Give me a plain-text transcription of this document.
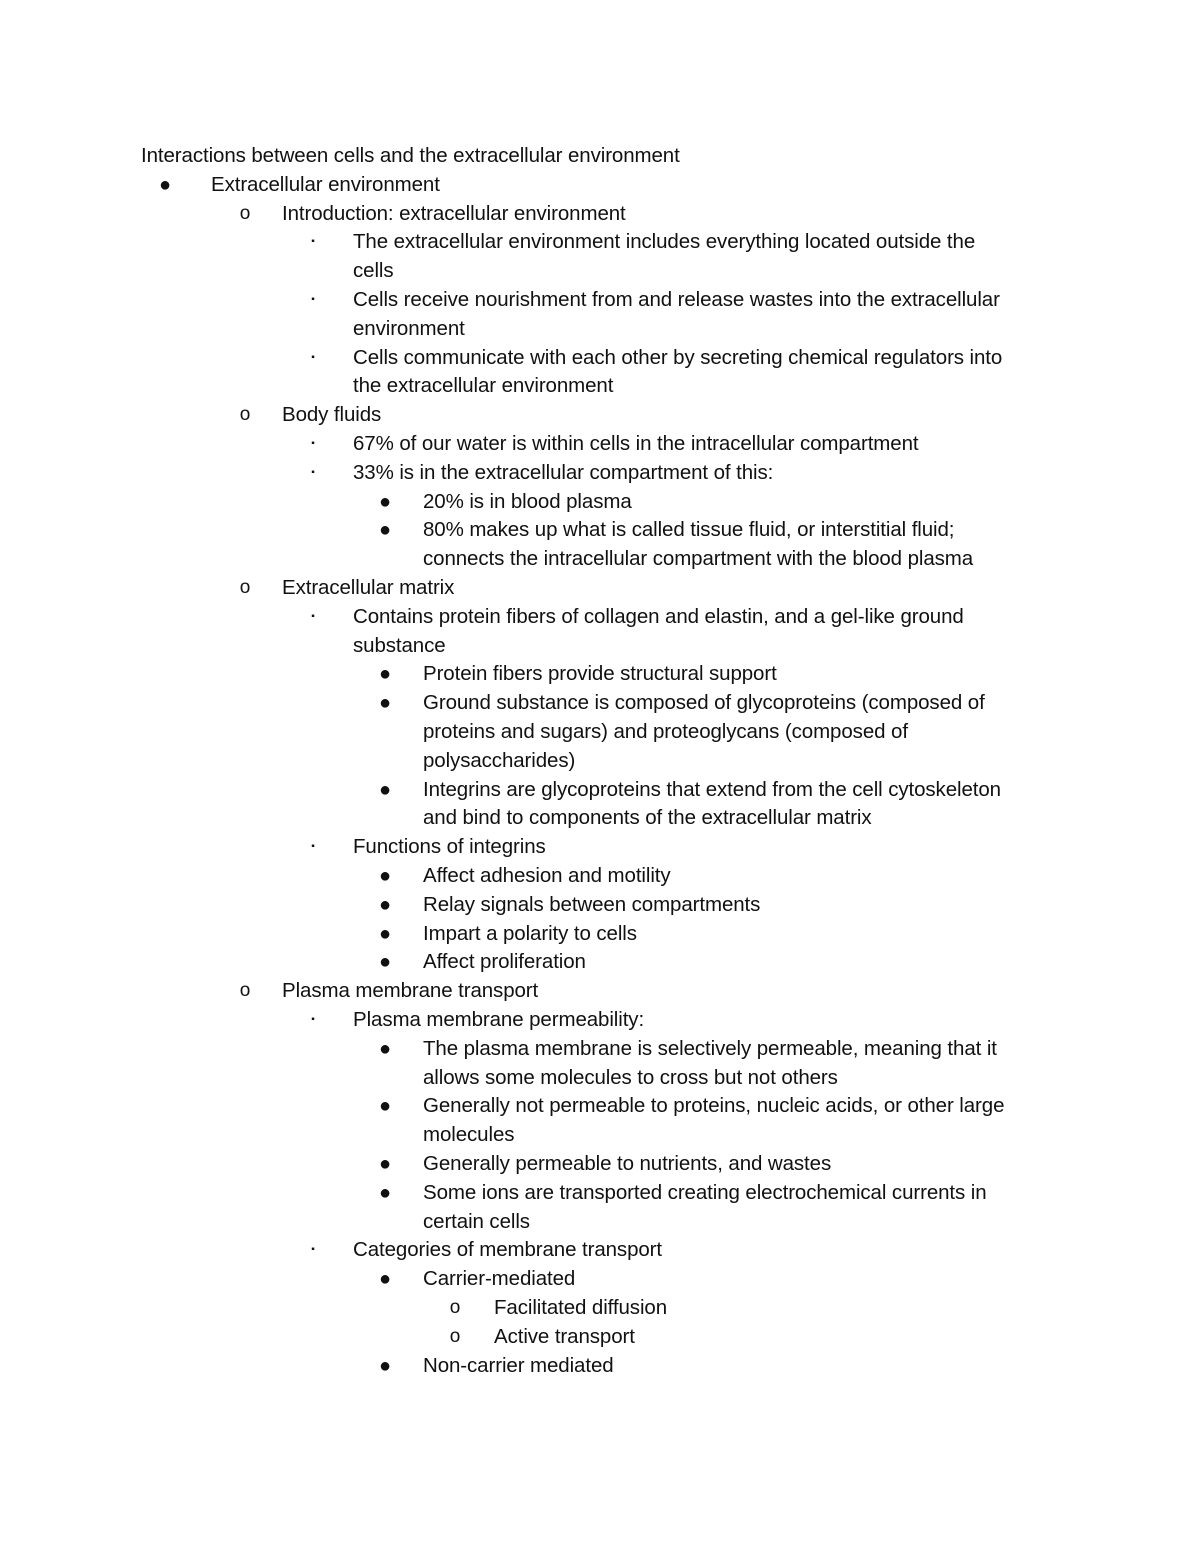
Interactions between cells and the extracellular environment
● Extracellular environment
o Introduction: extracellular environment
▪	The extracellular environment includes everything located outside the
cells
▪	Cells receive nourishment from and release wastes into the extracellular
environment
▪	Cells communicate with each other by secreting chemical regulators into
the extracellular environment
o Body fluids
▪	67% of our water is within cells in the intracellular compartment
▪	33% is in the extracellular compartment of this:
● 20% is in blood plasma
● 80% makes up what is called tissue fluid, or interstitial fluid;
connects the intracellular compartment with the blood plasma
o Extracellular matrix
▪	Contains protein fibers of collagen and elastin, and a gel-like ground
substance
● Protein fibers provide structural support
● Ground substance is composed of glycoproteins (composed of
proteins and sugars) and proteoglycans (composed of
polysaccharides)
● Integrins are glycoproteins that extend from the cell cytoskeleton
and bind to components of the extracellular matrix
▪	Functions of integrins
● Affect adhesion and motility
● Relay signals between compartments
● Impart a polarity to cells
● Affect proliferation
o Plasma membrane transport
▪	Plasma membrane permeability:
● The plasma membrane is selectively permeable, meaning that it
allows some molecules to cross but not others
● Generally not permeable to proteins, nucleic acids, or other large
molecules
● Generally permeable to nutrients, and wastes
● Some ions are transported creating electrochemical currents in
certain cells
▪	Categories of membrane transport
● Carrier-mediated
o Facilitated diffusion
o Active transport
● Non-carrier mediated
